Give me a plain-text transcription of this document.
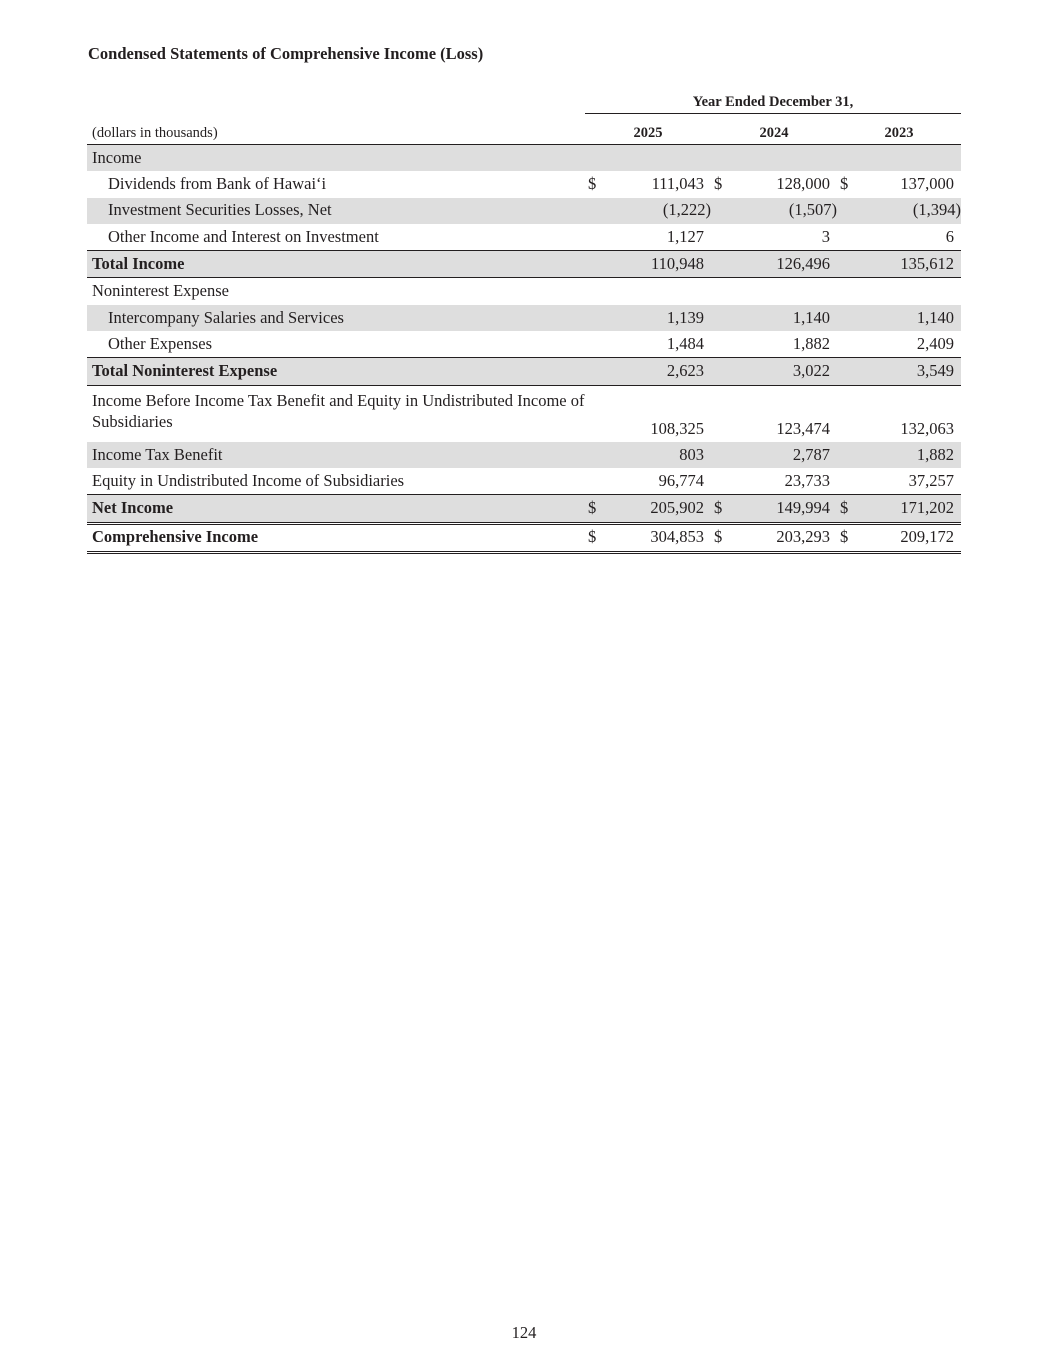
Condensed Statements of Comprehensive Income (Loss)
Year Ended December 31,
(dollars in thousands)	2025		2024		2023	
Income						
Dividends from Bank of Hawai‘i	$	111,043	$	128,000	$	137,000
Investment Securities Losses, Net		(1,222)		(1,507)		(1,394)
Other Income and Interest on Investment		1,127		3		6
Total Income		110,948		126,496		135,612
Noninterest Expense						
Intercompany Salaries and Services		1,139		1,140		1,140
Other Expenses		1,484		1,882		2,409
Total Noninterest Expense		2,623		3,022		3,549
Income Before Income Tax Benefit and Equity in Undistributed Income of Subsidiaries		108,325		123,474		132,063
Income Tax Benefit		803		2,787		1,882
Equity in Undistributed Income of Subsidiaries		96,774		23,733		37,257
Net Income	$	205,902	$	149,994	$	171,202
Comprehensive Income	$	304,853	$	203,293	$	209,172
124
